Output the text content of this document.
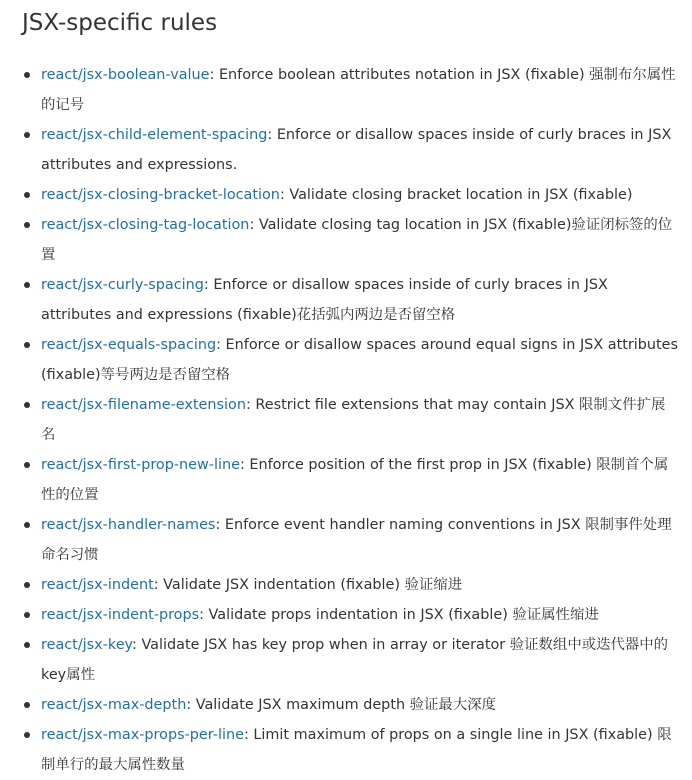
JSX-specific rules
react/jsx-boolean-value: Enforce boolean attributes notation in JSX (fixable) 强制布尔属性的记号
react/jsx-child-element-spacing: Enforce or disallow spaces inside of curly braces in JSX attributes and expressions.
react/jsx-closing-bracket-location: Validate closing bracket location in JSX (fixable)
react/jsx-closing-tag-location: Validate closing tag location in JSX (fixable)验证闭标签的位置
react/jsx-curly-spacing: Enforce or disallow spaces inside of curly braces in JSX attributes and expressions (fixable)花括弧内两边是否留空格
react/jsx-equals-spacing: Enforce or disallow spaces around equal signs in JSX attributes (fixable)等号两边是否留空格
react/jsx-filename-extension: Restrict file extensions that may contain JSX 限制文件扩展名
react/jsx-first-prop-new-line: Enforce position of the first prop in JSX (fixable) 限制首个属性的位置
react/jsx-handler-names: Enforce event handler naming conventions in JSX 限制事件处理命名习惯
react/jsx-indent: Validate JSX indentation (fixable) 验证缩进
react/jsx-indent-props: Validate props indentation in JSX (fixable) 验证属性缩进
react/jsx-key: Validate JSX has key prop when in array or iterator 验证数组中或迭代器中的key属性
react/jsx-max-depth: Validate JSX maximum depth 验证最大深度
react/jsx-max-props-per-line: Limit maximum of props on a single line in JSX (fixable) 限制单行的最大属性数量
